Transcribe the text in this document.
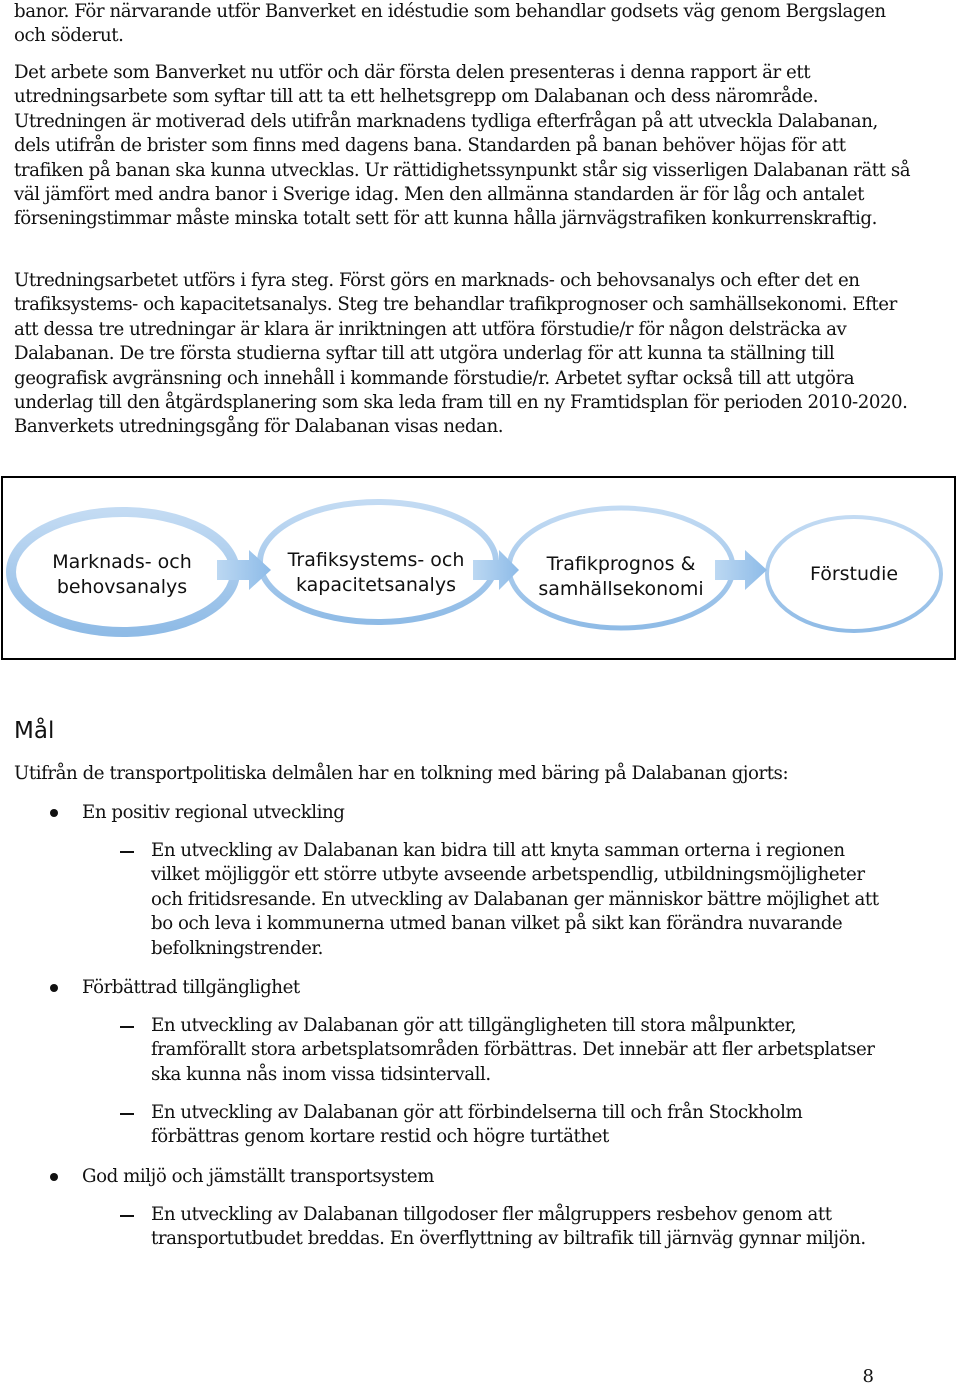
banor. För närvarande utför Banverket en idéstudie som behandlar godsets väg genom Bergslagen och söderut.

Det arbete som Banverket nu utför och där första delen presenteras i denna rapport är ett utredningsarbete som syftar till att ta ett helhetsgrepp om Dalabanan och dess närområde. Utredningen är motiverad dels utifrån marknadens tydliga efterfrågan på att utveckla Dalabanan, dels utifrån de brister som finns med dagens bana. Standarden på banan behöver höjas för att trafiken på banan ska kunna utvecklas. Ur rättidighetssynpunkt står sig visserligen Dalabanan rätt så väl jämfört med andra banor i Sverige idag. Men den allmänna standarden är för låg och antalet förseningstimmar måste minska totalt sett för att kunna hålla järnvägstrafiken konkurrenskraftig.

Utredningsarbetet utförs i fyra steg. Först görs en marknads- och behovsanalys och efter det en trafiksystems- och kapacitetsanalys. Steg tre behandlar trafikprognoser och samhällsekonomi. Efter att dessa tre utredningar är klara är inriktningen att utföra förstudie/r för någon delsträcka av Dalabanan. De tre första studierna syftar till att utgöra underlag för att kunna ta ställning till geografisk avgränsning och innehåll i kommande förstudie/r. Arbetet syftar också till att utgöra underlag till den åtgärdsplanering som ska leda fram till en ny Framtidsplan för perioden 2010-2020. Banverkets utredningsgång för Dalabanan visas nedan.

Marknads- och
behovsanalys
Trafiksystems- och
kapacitetsanalys
Trafikprognos &
samhällsekonomi
Förstudie
Mål

Utifrån de transportpolitiska delmålen har en tolkning med bäring på Dalabanan gjorts:

En positiv regional utveckling

En utveckling av Dalabanan kan bidra till att knyta samman orterna i regionen vilket möjliggör ett större utbyte avseende arbetspendlig, utbildningsmöjligheter och fritidsresande. En utveckling av Dalabanan ger människor bättre möjlighet att bo och leva i kommunerna utmed banan vilket på sikt kan förändra nuvarande befolkningstrender.

Förbättrad tillgänglighet

En utveckling av Dalabanan gör att tillgängligheten till stora målpunkter, framförallt stora arbetsplatsområden förbättras. Det innebär att fler arbetsplatser ska kunna nås inom vissa tidsintervall.

En utveckling av Dalabanan gör att förbindelserna till och från Stockholm förbättras genom kortare restid och högre turtäthet

God miljö och jämställt transportsystem

En utveckling av Dalabanan tillgodoser fler målgruppers resbehov genom att transportutbudet breddas. En överflyttning av biltrafik till järnväg gynnar miljön.

8
